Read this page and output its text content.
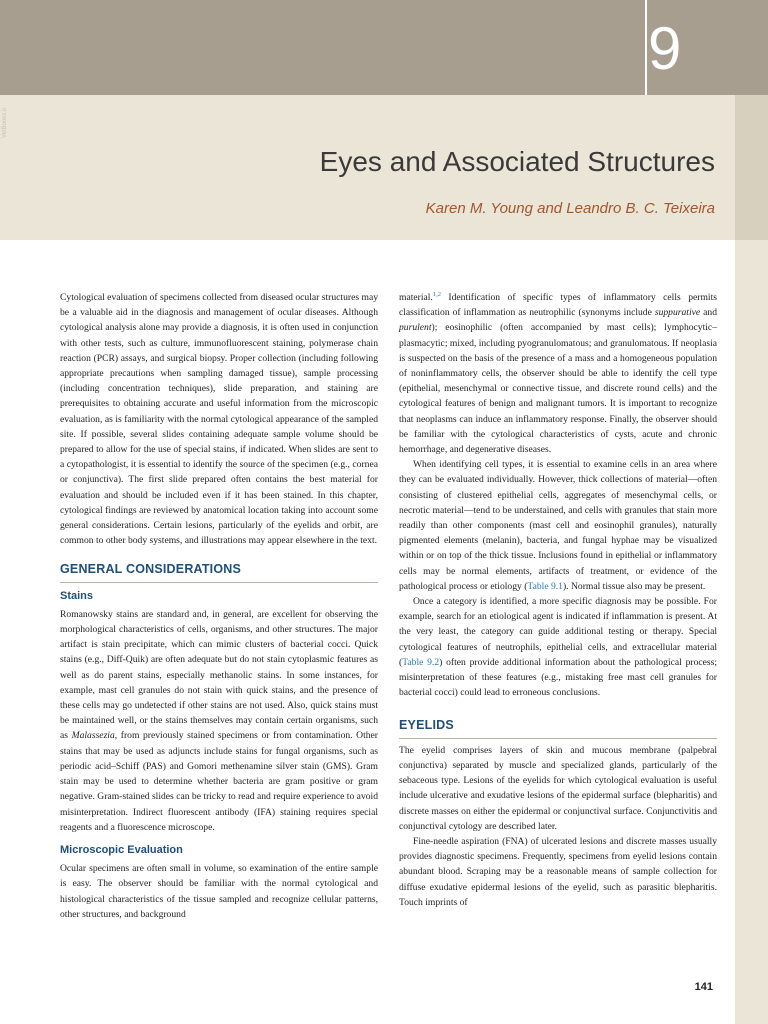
9
VetBooks.ir
Eyes and Associated Structures
Karen M. Young and Leandro B. C. Teixeira

Cytological evaluation of specimens collected from diseased ocular structures may be a valuable aid in the diagnosis and management of ocular diseases. Although cytological analysis alone may provide a diagnosis, it is often used in conjunction with other tests, such as culture, immunofluorescent staining, polymerase chain reaction (PCR) assays, and surgical biopsy. Proper collection (including following appropriate precautions when sampling damaged tissue), sample processing (including concentration techniques), slide preparation, and staining are prerequisites to obtaining accurate and useful information from the microscopic evaluation, as is familiarity with the normal cytological appearance of the sampled site. If possible, several slides containing adequate sample volume should be prepared to allow for the use of special stains, if indicated. When slides are sent to a cytopathologist, it is essential to identify the source of the specimen (e.g., cornea or conjunctiva). The first slide prepared often contains the best material for evaluation and should be included even if it has been stained. In this chapter, cytological findings are reviewed by anatomical location taking into account some general considerations. Certain lesions, particularly of the eyelids and orbit, are common to other body systems, and illustrations may appear elsewhere in the text.

GENERAL CONSIDERATIONS
Stains

Romanowsky stains are standard and, in general, are excellent for observing the morphological characteristics of cells, organisms, and other structures. The major artifact is stain precipitate, which can mimic clusters of bacterial cocci. Quick stains (e.g., Diff-Quik) are often adequate but do not stain cytoplasmic features as well as do parent stains, especially methanolic stains. In some instances, for example, mast cell granules do not stain with quick stains, and the presence of these cells may go undetected if other stains are not used. Also, quick stains must be maintained well, or the stains themselves may contain certain organisms, such as Malassezia, from previously stained specimens or from contamination. Other stains that may be used as adjuncts include stains for fungal organisms, such as periodic acid–Schiff (PAS) and Gomori methenamine silver stain (GMS). Gram stain may be used to determine whether bacteria are gram positive or gram negative. Gram-stained slides can be tricky to read and require experience to avoid misinterpretation. Indirect fluorescent antibody (IFA) staining requires special reagents and a fluorescence microscope.

Microscopic Evaluation

Ocular specimens are often small in volume, so examination of the entire sample is easy. The observer should be familiar with the normal cytological and histological characteristics of the tissue sampled and recognize cellular patterns, other structures, and background

material.$^{1,2}$ Identification of specific types of inflammatory cells permits classification of inflammation as neutrophilic (synonyms include suppurative and purulent); eosinophilic (often accompanied by mast cells); lymphocytic–plasmacytic; mixed, including pyogranulomatous; and granulomatous. If neoplasia is suspected on the basis of the presence of a mass and a homogeneous population of noninflammatory cells, the observer should be able to identify the cell type (epithelial, mesenchymal or connective tissue, and discrete round cells) and the cytological features of benign and malignant tumors. It is important to recognize that neoplasms can induce an inflammatory response. Finally, the observer should be familiar with the cytological characteristics of cysts, acute and chronic hemorrhage, and degenerative diseases.

When identifying cell types, it is essential to examine cells in an area where they can be evaluated individually. However, thick collections of material—often consisting of clustered epithelial cells, aggregates of mesenchymal cells, or necrotic material—tend to be understained, and cells with granules that stain more readily than other components (mast cell and eosinophil granules), naturally pigmented elements (melanin), bacteria, and fungal hyphae may be visualized within or on top of the thick tissue. Inclusions found in epithelial or inflammatory cells may be normal elements, artifacts of treatment, or evidence of the pathological process or etiology (Table 9.1). Normal tissue also may be present.

Once a category is identified, a more specific diagnosis may be possible. For example, search for an etiological agent is indicated if inflammation is present. At the very least, the category can guide additional testing or therapy. Special cytological features of neutrophils, epithelial cells, and extracellular material (Table 9.2) often provide additional information about the pathological process; misinterpretation of these features (e.g., mistaking free mast cell granules for bacterial cocci) could lead to erroneous conclusions.

EYELIDS

The eyelid comprises layers of skin and mucous membrane (palpebral conjunctiva) separated by muscle and specialized glands, particularly of the sebaceous type. Lesions of the eyelids for which cytological evaluation is useful include ulcerative and exudative lesions of the epidermal surface (blepharitis) and discrete masses on either the epidermal or conjunctival surface. Conjunctivitis and conjunctival cytology are described later.

Fine-needle aspiration (FNA) of ulcerated lesions and discrete masses usually provides diagnostic specimens. Frequently, specimens from eyelid lesions contain abundant blood. Scraping may be a reasonable means of sample collection for diffuse exudative epidermal lesions of the eyelid, such as parasitic blepharitis. Touch imprints of

141
